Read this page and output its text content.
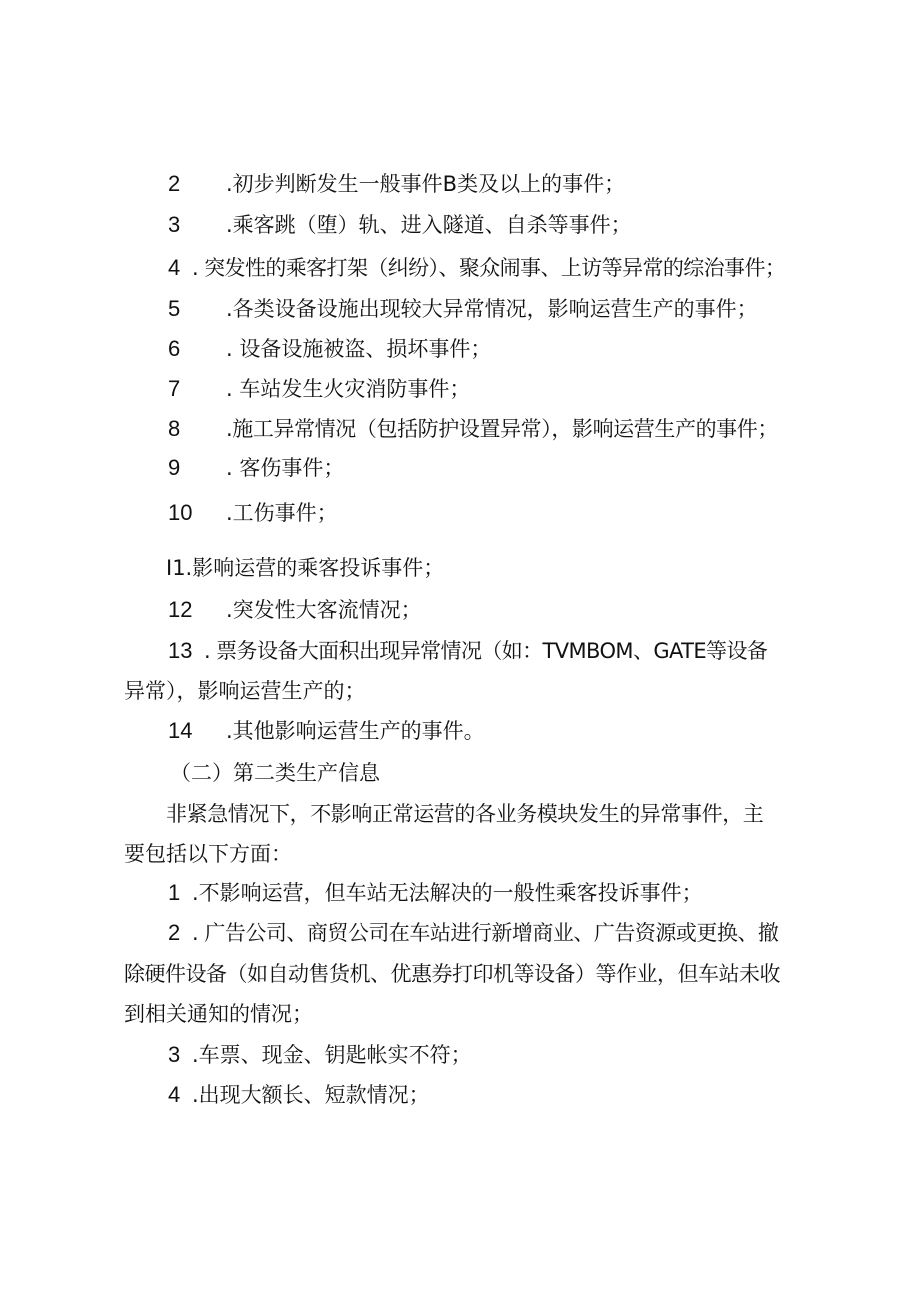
2 .初步判断发生一般事件B类及以上的事件；
3 .乘客跳（堕）轨、进入隧道、自杀等事件；
4 . 突发性的乘客打架（纠纷）、聚众闹事、上访等异常的综治事件；
5 .各类设备设施出现较大异常情况，影响运营生产的事件；
6 . 设备设施被盗、损坏事件；
7 . 车站发生火灾消防事件；
8 .施工异常情况（包括防护设置异常），影响运营生产的事件；
9 . 客伤事件；
10 .工伤事件；
I1.影响运营的乘客投诉事件；
12 .突发性大客流情况；
13 . 票务设备大面积出现异常情况（如：TVMBOM、GATE等设备
异常），影响运营生产的；
14 .其他影响运营生产的事件。
（二）第二类生产信息
非紧急情况下，不影响正常运营的各业务模块发生的异常事件，主
要包括以下方面：
1 .不影响运营，但车站无法解决的一般性乘客投诉事件；
2 . 广告公司、商贸公司在车站进行新增商业、广告资源或更换、撤
除硬件设备（如自动售货机、优惠券打印机等设备）等作业，但车站未收
到相关通知的情况；
3 .车票、现金、钥匙帐实不符；
4 .出现大额长、短款情况；
